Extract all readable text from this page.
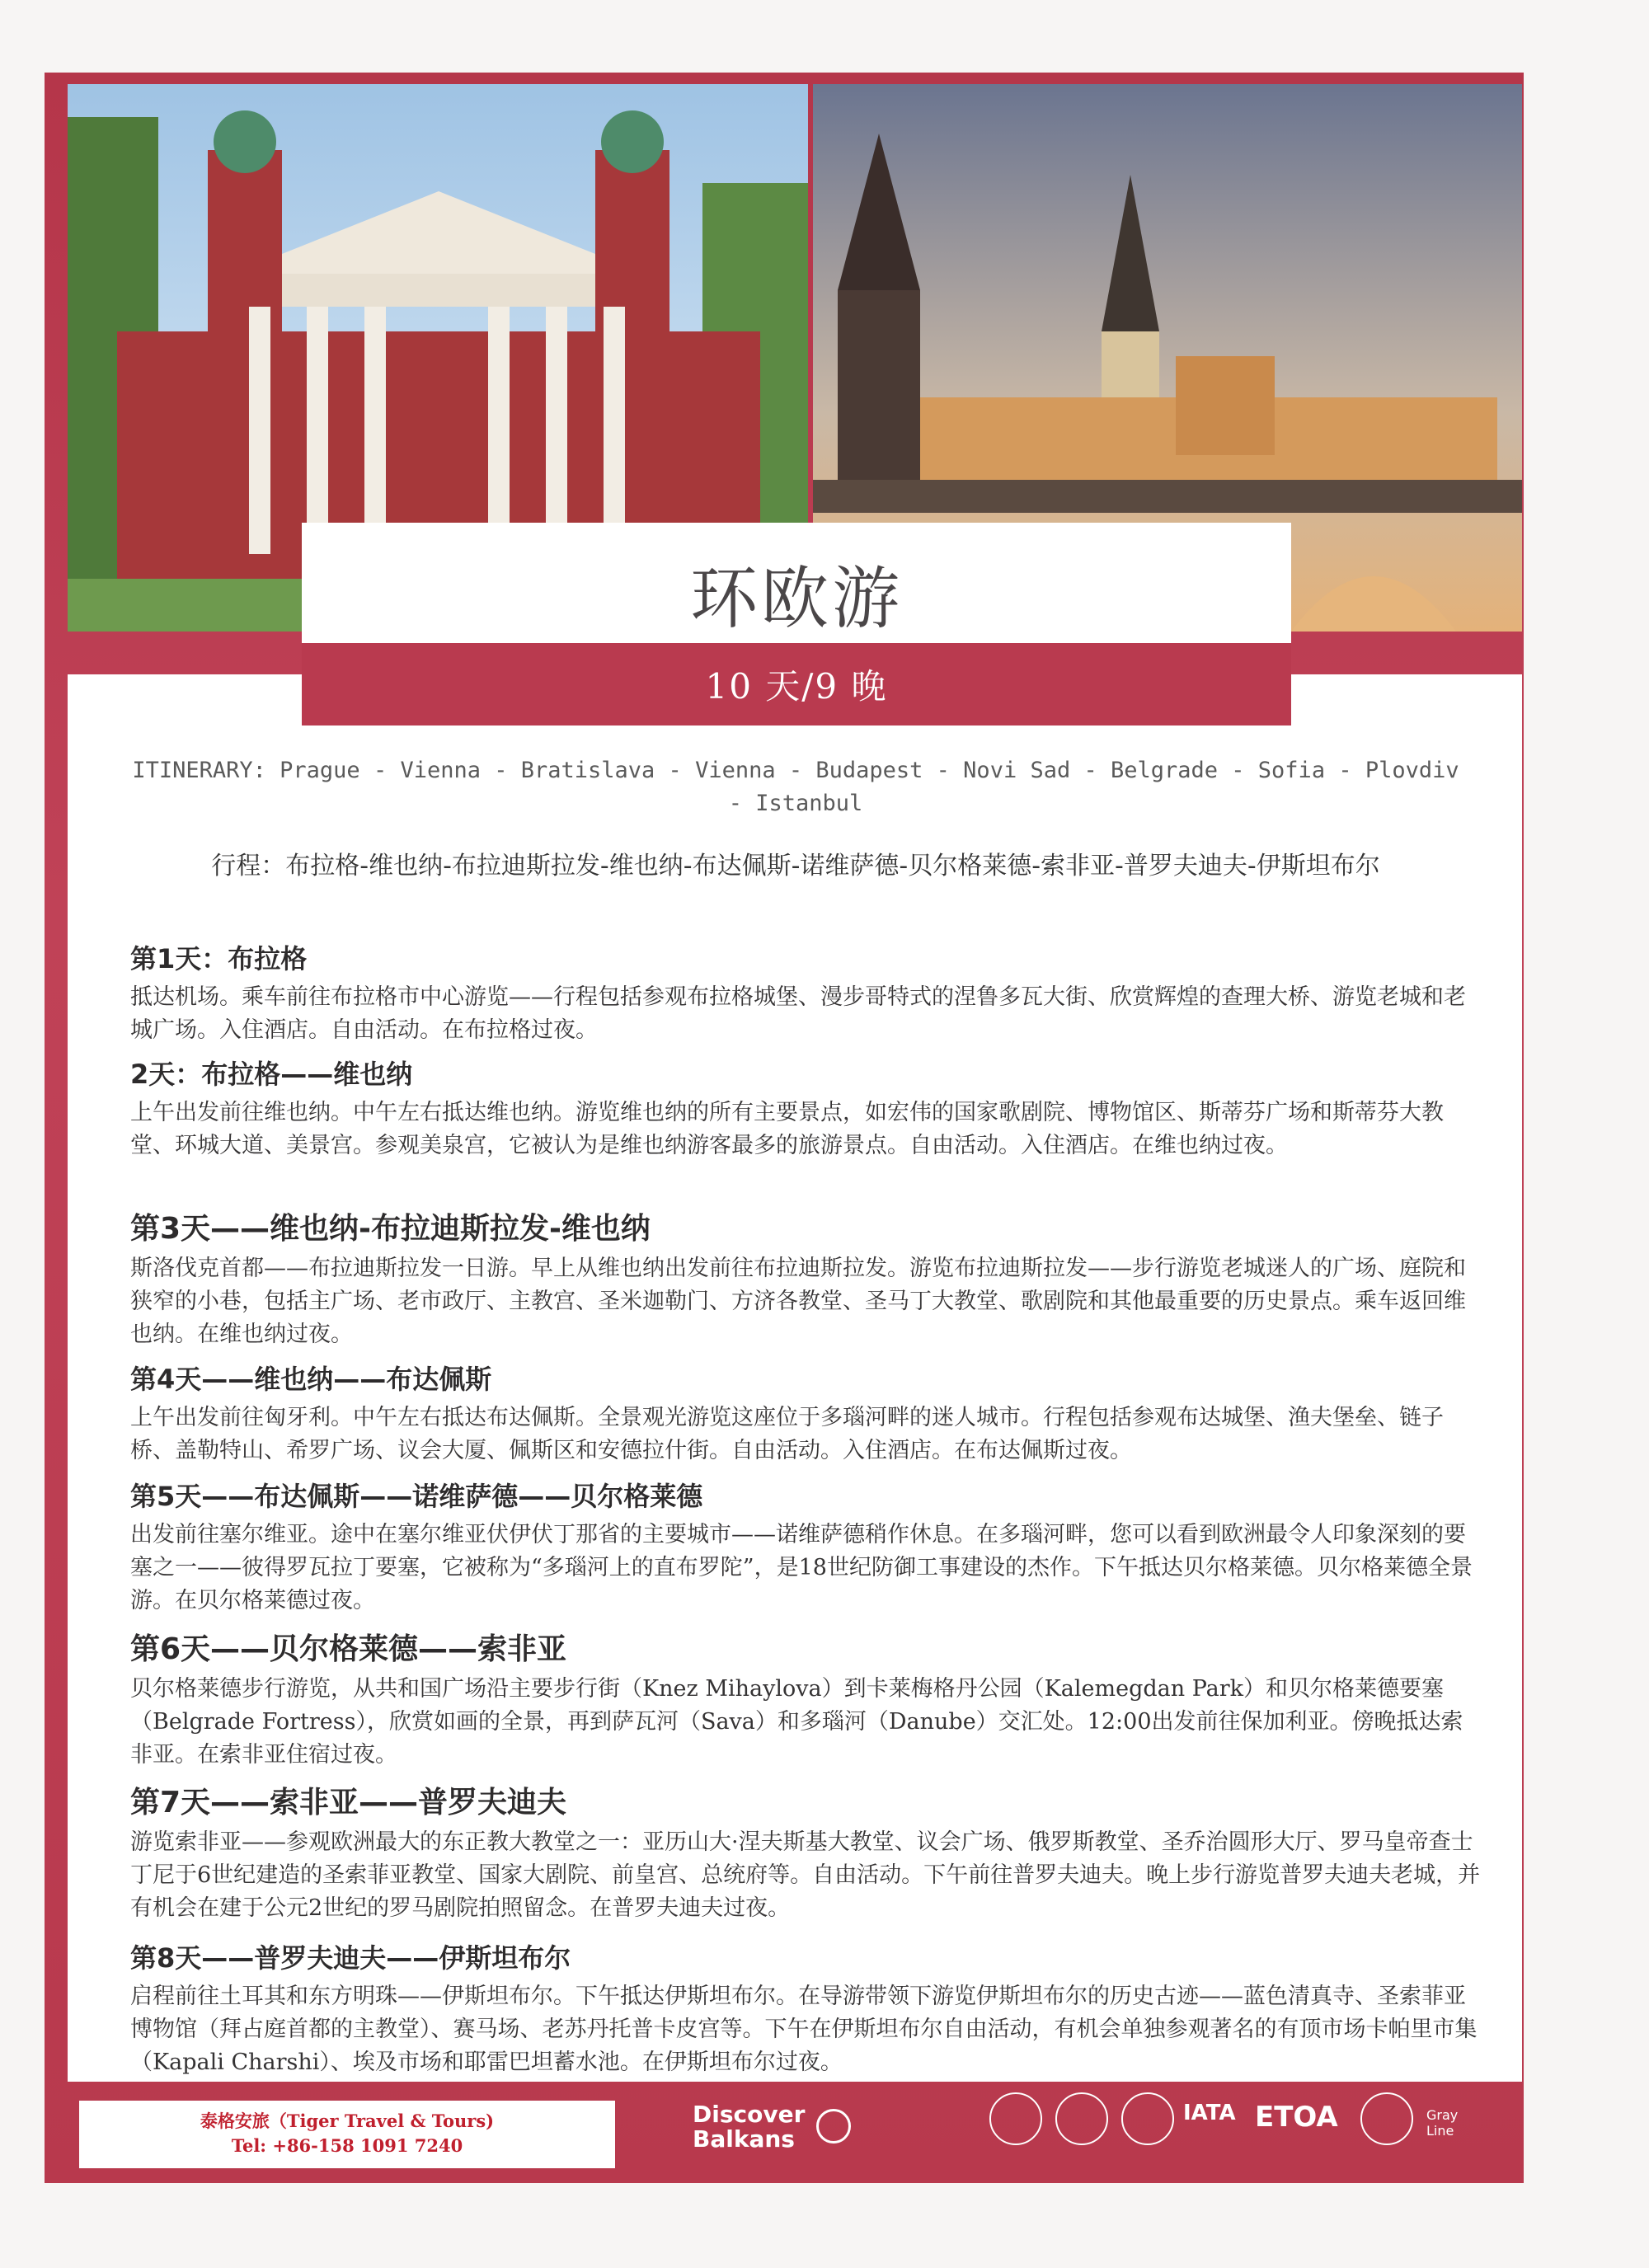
环欧游
10 天/9 晚
ITINERARY: Prague - Vienna - Bratislava - Vienna - Budapest - Novi Sad - Belgrade - Sofia - Plovdiv - Istanbul
行程：布拉格-维也纳-布拉迪斯拉发-维也纳-布达佩斯-诺维萨德-贝尔格莱德-索非亚-普罗夫迪夫-伊斯坦布尔
第1天：布拉格
抵达机场。乘车前往布拉格市中心游览——行程包括参观布拉格城堡、漫步哥特式的涅鲁多瓦大街、欣赏辉煌的查理大桥、游览老城和老城广场。入住酒店。自由活动。在布拉格过夜。
2天：布拉格——维也纳
上午出发前往维也纳。中午左右抵达维也纳。游览维也纳的所有主要景点，如宏伟的国家歌剧院、博物馆区、斯蒂芬广场和斯蒂芬大教堂、环城大道、美景宫。参观美泉宫，它被认为是维也纳游客最多的旅游景点。自由活动。入住酒店。在维也纳过夜。
第3天——维也纳-布拉迪斯拉发-维也纳
斯洛伐克首都——布拉迪斯拉发一日游。早上从维也纳出发前往布拉迪斯拉发。游览布拉迪斯拉发——步行游览老城迷人的广场、庭院和狭窄的小巷，包括主广场、老市政厅、主教宫、圣米迦勒门、方济各教堂、圣马丁大教堂、歌剧院和其他最重要的历史景点。乘车返回维也纳。在维也纳过夜。
第4天——维也纳——布达佩斯
上午出发前往匈牙利。中午左右抵达布达佩斯。全景观光游览这座位于多瑙河畔的迷人城市。行程包括参观布达城堡、渔夫堡垒、链子桥、盖勒特山、希罗广场、议会大厦、佩斯区和安德拉什街。自由活动。入住酒店。在布达佩斯过夜。
第5天——布达佩斯——诺维萨德——贝尔格莱德
出发前往塞尔维亚。途中在塞尔维亚伏伊伏丁那省的主要城市——诺维萨德稍作休息。在多瑙河畔，您可以看到欧洲最令人印象深刻的要塞之一——彼得罗瓦拉丁要塞，它被称为“多瑙河上的直布罗陀”，是18世纪防御工事建设的杰作。下午抵达贝尔格莱德。贝尔格莱德全景游。在贝尔格莱德过夜。
第6天——贝尔格莱德——索非亚
贝尔格莱德步行游览，从共和国广场沿主要步行街（Knez Mihaylova）到卡莱梅格丹公园（Kalemegdan Park）和贝尔格莱德要塞（Belgrade Fortress），欣赏如画的全景，再到萨瓦河（Sava）和多瑙河（Danube）交汇处。12:00出发前往保加利亚。傍晚抵达索非亚。在索非亚住宿过夜。
第7天——索非亚——普罗夫迪夫
游览索非亚——参观欧洲最大的东正教大教堂之一：亚历山大·涅夫斯基大教堂、议会广场、俄罗斯教堂、圣乔治圆形大厅、罗马皇帝查士丁尼于6世纪建造的圣索菲亚教堂、国家大剧院、前皇宫、总统府等。自由活动。下午前往普罗夫迪夫。晚上步行游览普罗夫迪夫老城，并有机会在建于公元2世纪的罗马剧院拍照留念。在普罗夫迪夫过夜。
第8天——普罗夫迪夫——伊斯坦布尔
启程前往土耳其和东方明珠——伊斯坦布尔。下午抵达伊斯坦布尔。在导游带领下游览伊斯坦布尔的历史古迹——蓝色清真寺、圣索菲亚博物馆（拜占庭首都的主教堂）、赛马场、老苏丹托普卡皮宫等。下午在伊斯坦布尔自由活动，有机会单独参观著名的有顶市场卡帕里市集（Kapali Charshi）、埃及市场和耶雷巴坦蓄水池。在伊斯坦布尔过夜。
泰格安旅（Tiger Travel & Tours)
Tel: +86-158 1091 7240
Discover
Balkans
IATA ETOA	Gray Line
